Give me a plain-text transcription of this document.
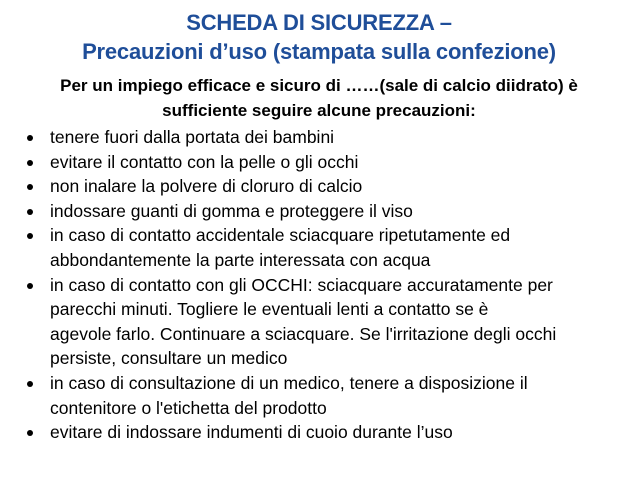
SCHEDA DI SICUREZZA –
Precauzioni d’uso (stampata sulla confezione)
Per un impiego efficace e sicuro di ……(sale di calcio diidrato) è
sufficiente seguire alcune precauzioni:
tenere fuori dalla portata dei bambini
evitare il contatto con la pelle o gli occhi
non inalare la polvere di cloruro di calcio
indossare guanti di gomma e proteggere il viso
in caso di contatto accidentale sciacquare ripetutamente ed
abbondantemente la parte interessata con acqua
in caso di contatto con gli OCCHI: sciacquare accuratamente per
parecchi minuti. Togliere le eventuali lenti a contatto se è
agevole farlo. Continuare a sciacquare. Se l'irritazione degli occhi
persiste, consultare un medico
in caso di consultazione di un medico, tenere a disposizione il
contenitore o l'etichetta del prodotto
evitare di indossare indumenti di cuoio durante l’uso
